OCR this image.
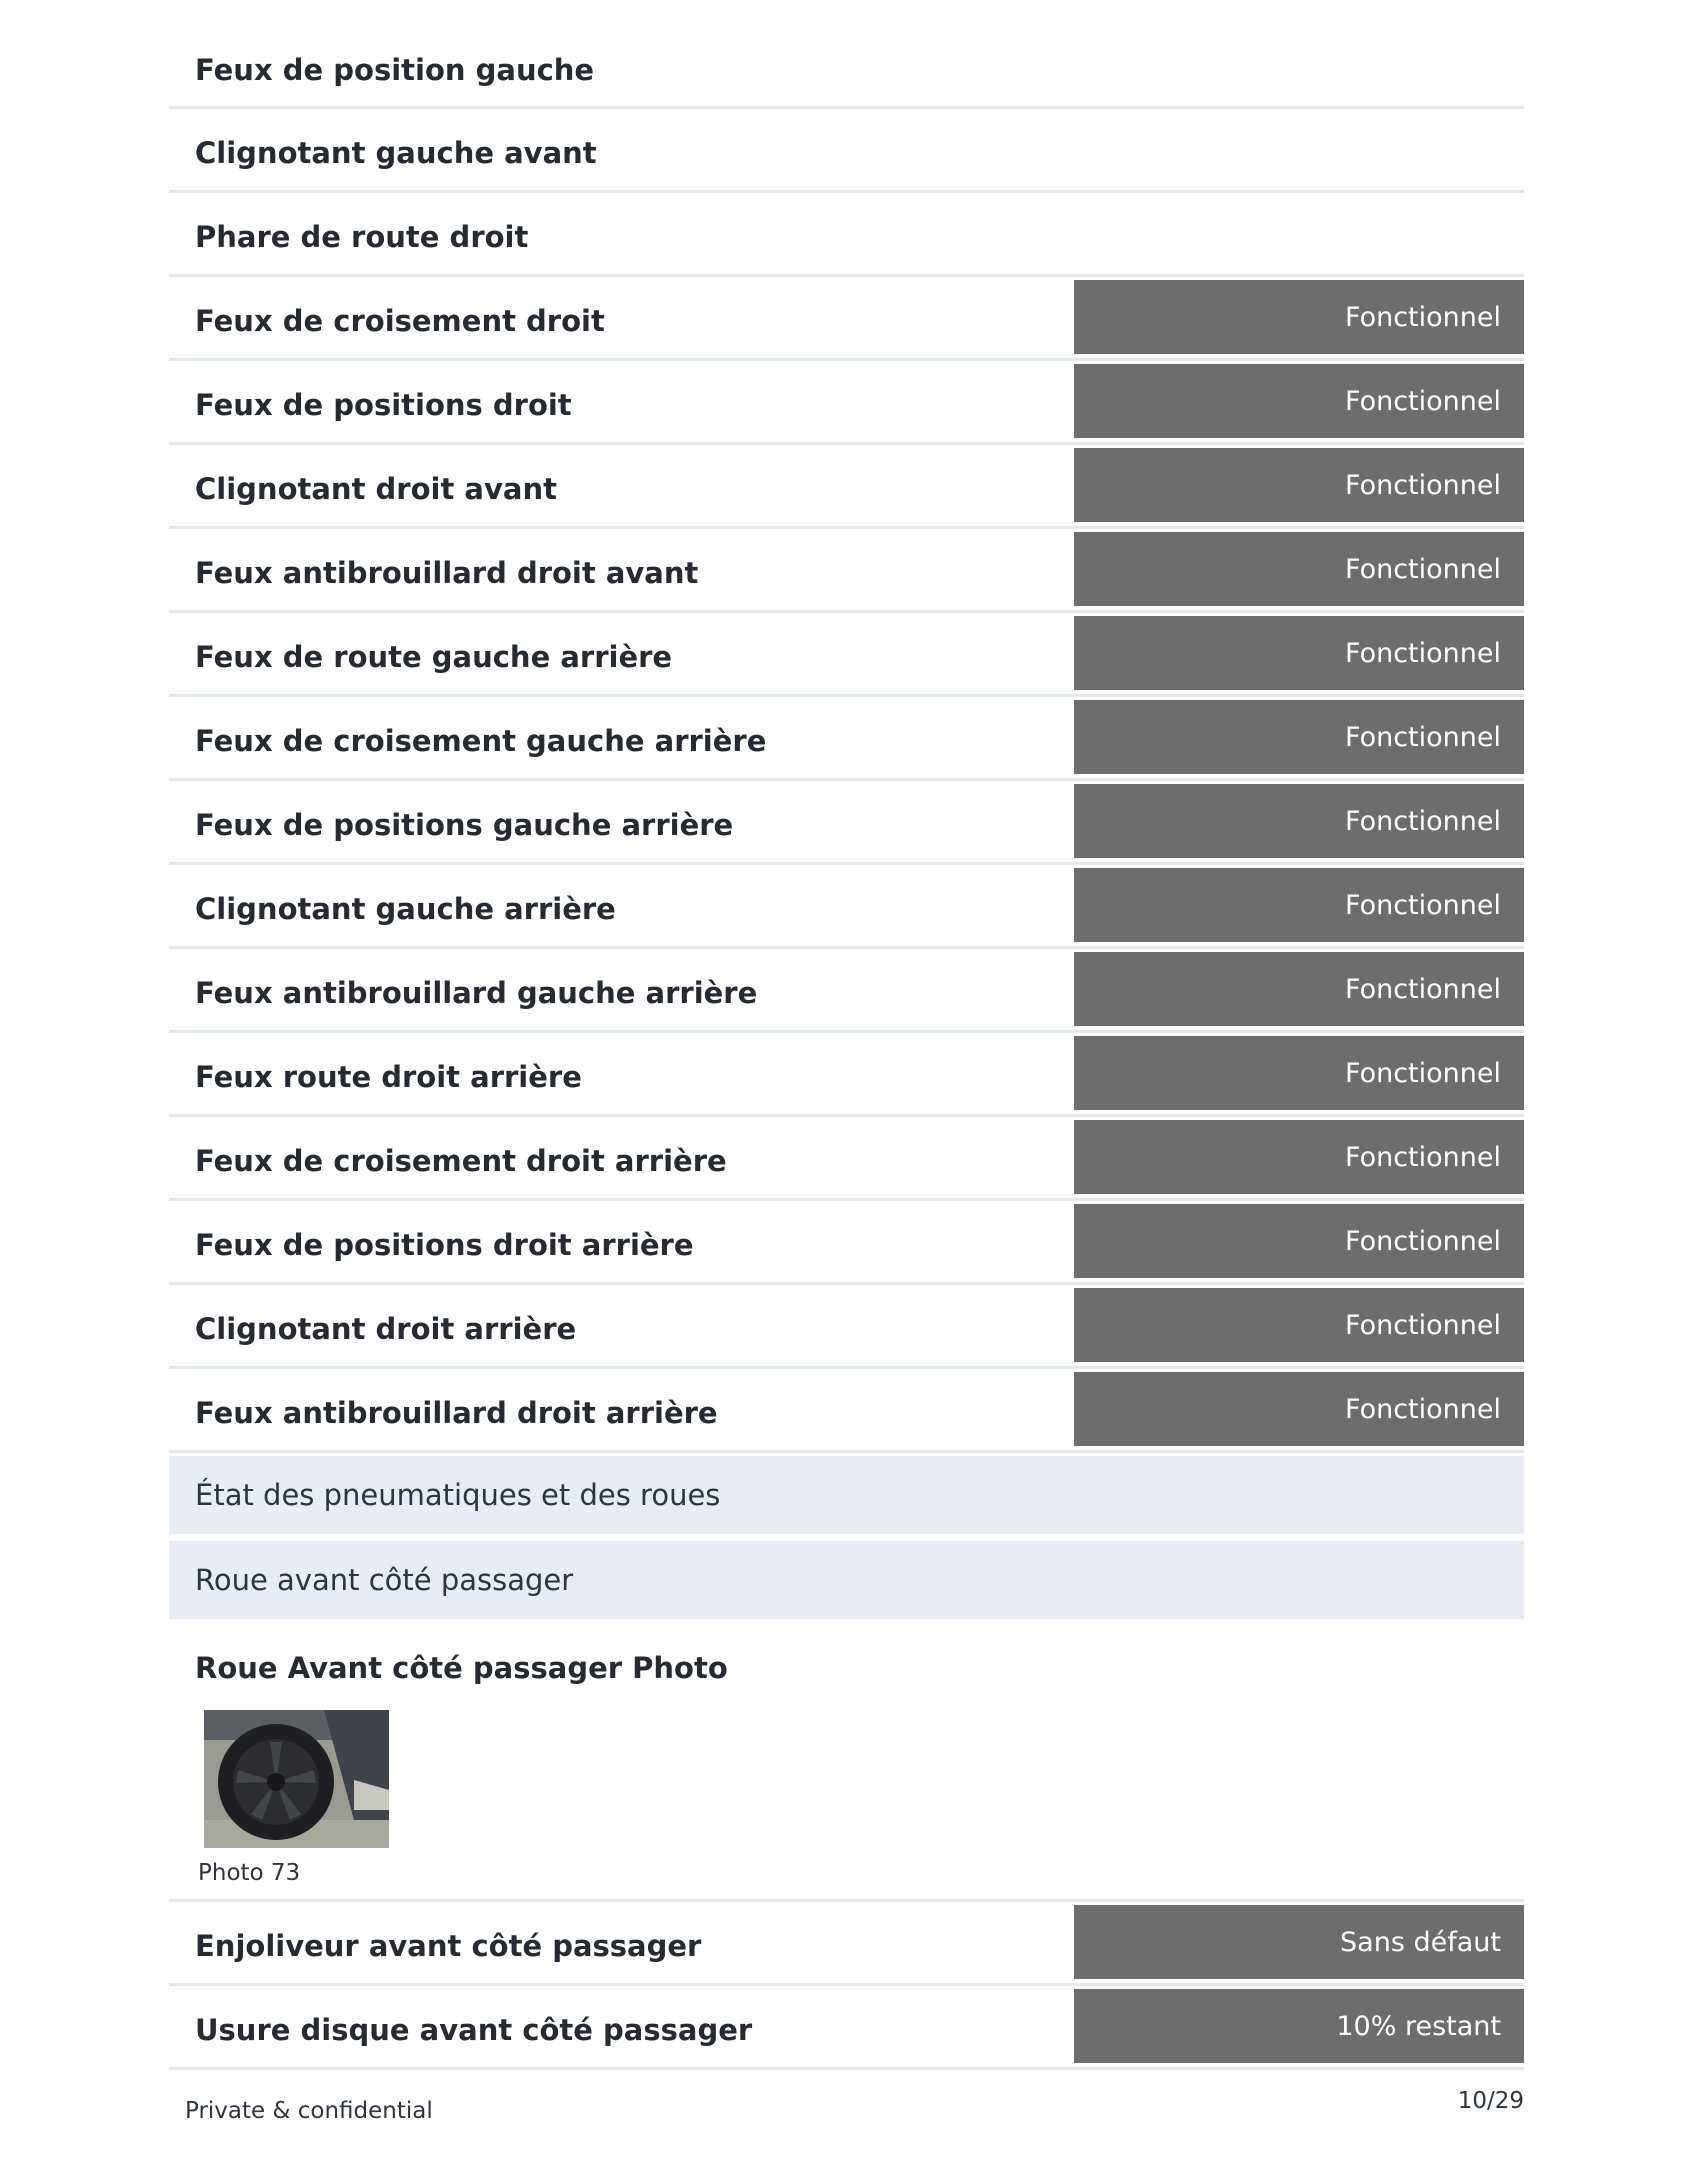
Feux de position gauche
Clignotant gauche avant
Phare de route droit
Feux de croisement droit	Fonctionnel
Feux de positions droit	Fonctionnel
Clignotant droit avant	Fonctionnel
Feux antibrouillard droit avant	Fonctionnel
Feux de route gauche arrière	Fonctionnel
Feux de croisement gauche arrière	Fonctionnel
Feux de positions gauche arrière	Fonctionnel
Clignotant gauche arrière	Fonctionnel
Feux antibrouillard gauche arrière	Fonctionnel
Feux route droit arrière	Fonctionnel
Feux de croisement droit arrière	Fonctionnel
Feux de positions droit arrière	Fonctionnel
Clignotant droit arrière	Fonctionnel
Feux antibrouillard droit arrière	Fonctionnel
État des pneumatiques et des roues
Roue avant côté passager
Roue Avant côté passager Photo
Photo 73
Enjoliveur avant côté passager	Sans défaut
Usure disque avant côté passager	10% restant
Private & confidential	10/29
